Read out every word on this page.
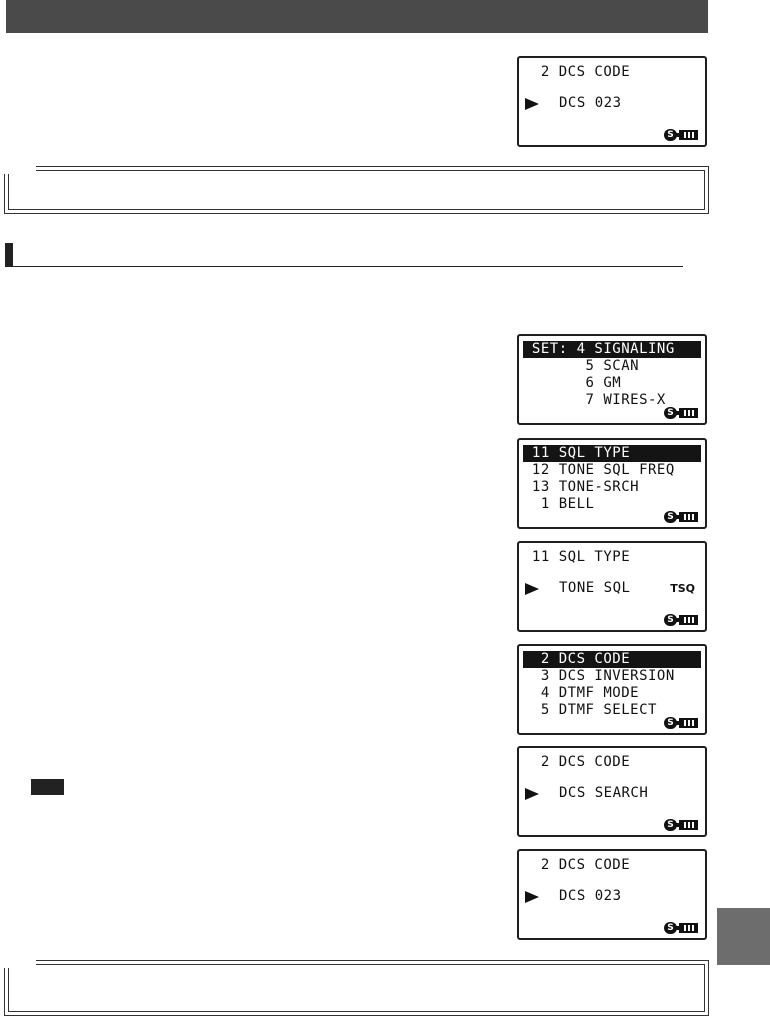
2 DCS CODE
DCS 023
S
SET: 4 SIGNALING
5 SCAN
6 GM
7 WIRES-X
S
11 SQL TYPE
12 TONE SQL FREQ
13 TONE-SRCH
1 BELL
S
11 SQL TYPE
TONE SQL	TSQ
S
2 DCS CODE
3 DCS INVERSION
4 DTMF MODE
5 DTMF SELECT
S
2 DCS CODE
DCS SEARCH
S
2 DCS CODE
DCS 023
S
